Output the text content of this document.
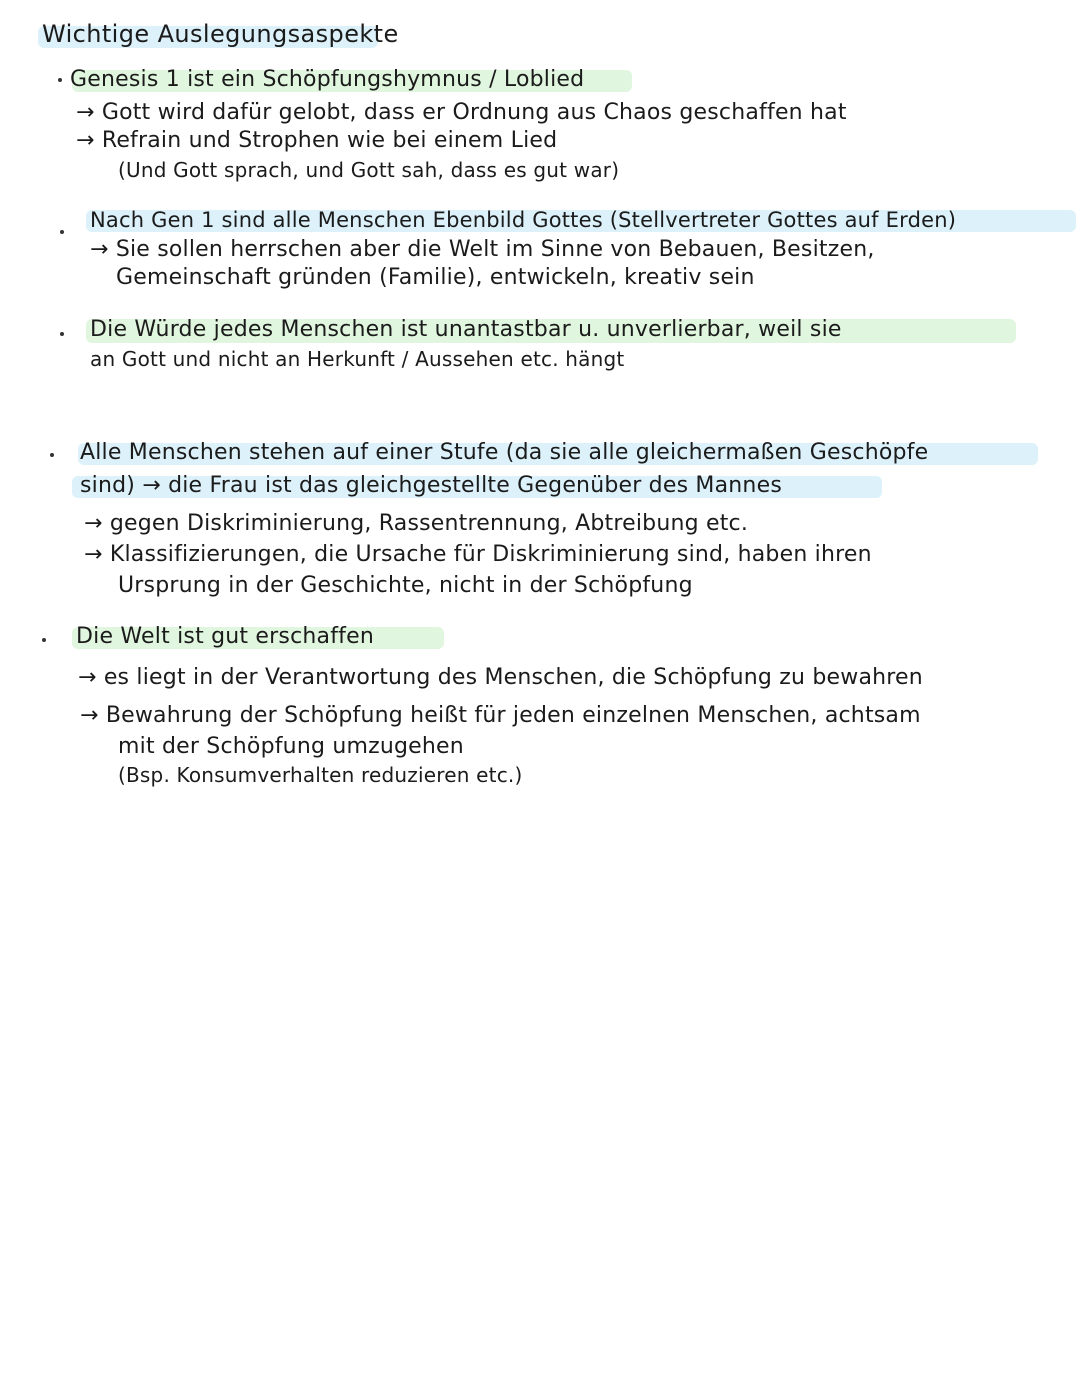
Wichtige Auslegungsaspekte
Genesis 1 ist ein Schöpfungshymnus / Loblied
→ Gott wird dafür gelobt, dass er Ordnung aus Chaos geschaffen hat
→ Refrain und Strophen wie bei einem Lied
(Und Gott sprach, und Gott sah, dass es gut war)
Nach Gen 1 sind alle Menschen Ebenbild Gottes (Stellvertreter Gottes auf Erden)
→ Sie sollen herrschen aber die Welt im Sinne von Bebauen, Besitzen,
Gemeinschaft gründen (Familie), entwickeln, kreativ sein
Die Würde jedes Menschen ist unantastbar u. unverlierbar, weil sie
an Gott und nicht an Herkunft / Aussehen etc. hängt
Alle Menschen stehen auf einer Stufe (da sie alle gleichermaßen Geschöpfe
sind) → die Frau ist das gleichgestellte Gegenüber des Mannes
→ gegen Diskriminierung, Rassentrennung, Abtreibung etc.
→ Klassifizierungen, die Ursache für Diskriminierung sind, haben ihren
Ursprung in der Geschichte, nicht in der Schöpfung
Die Welt ist gut erschaffen
→ es liegt in der Verantwortung des Menschen, die Schöpfung zu bewahren
→ Bewahrung der Schöpfung heißt für jeden einzelnen Menschen, achtsam
mit der Schöpfung umzugehen
(Bsp. Konsumverhalten reduzieren etc.)
